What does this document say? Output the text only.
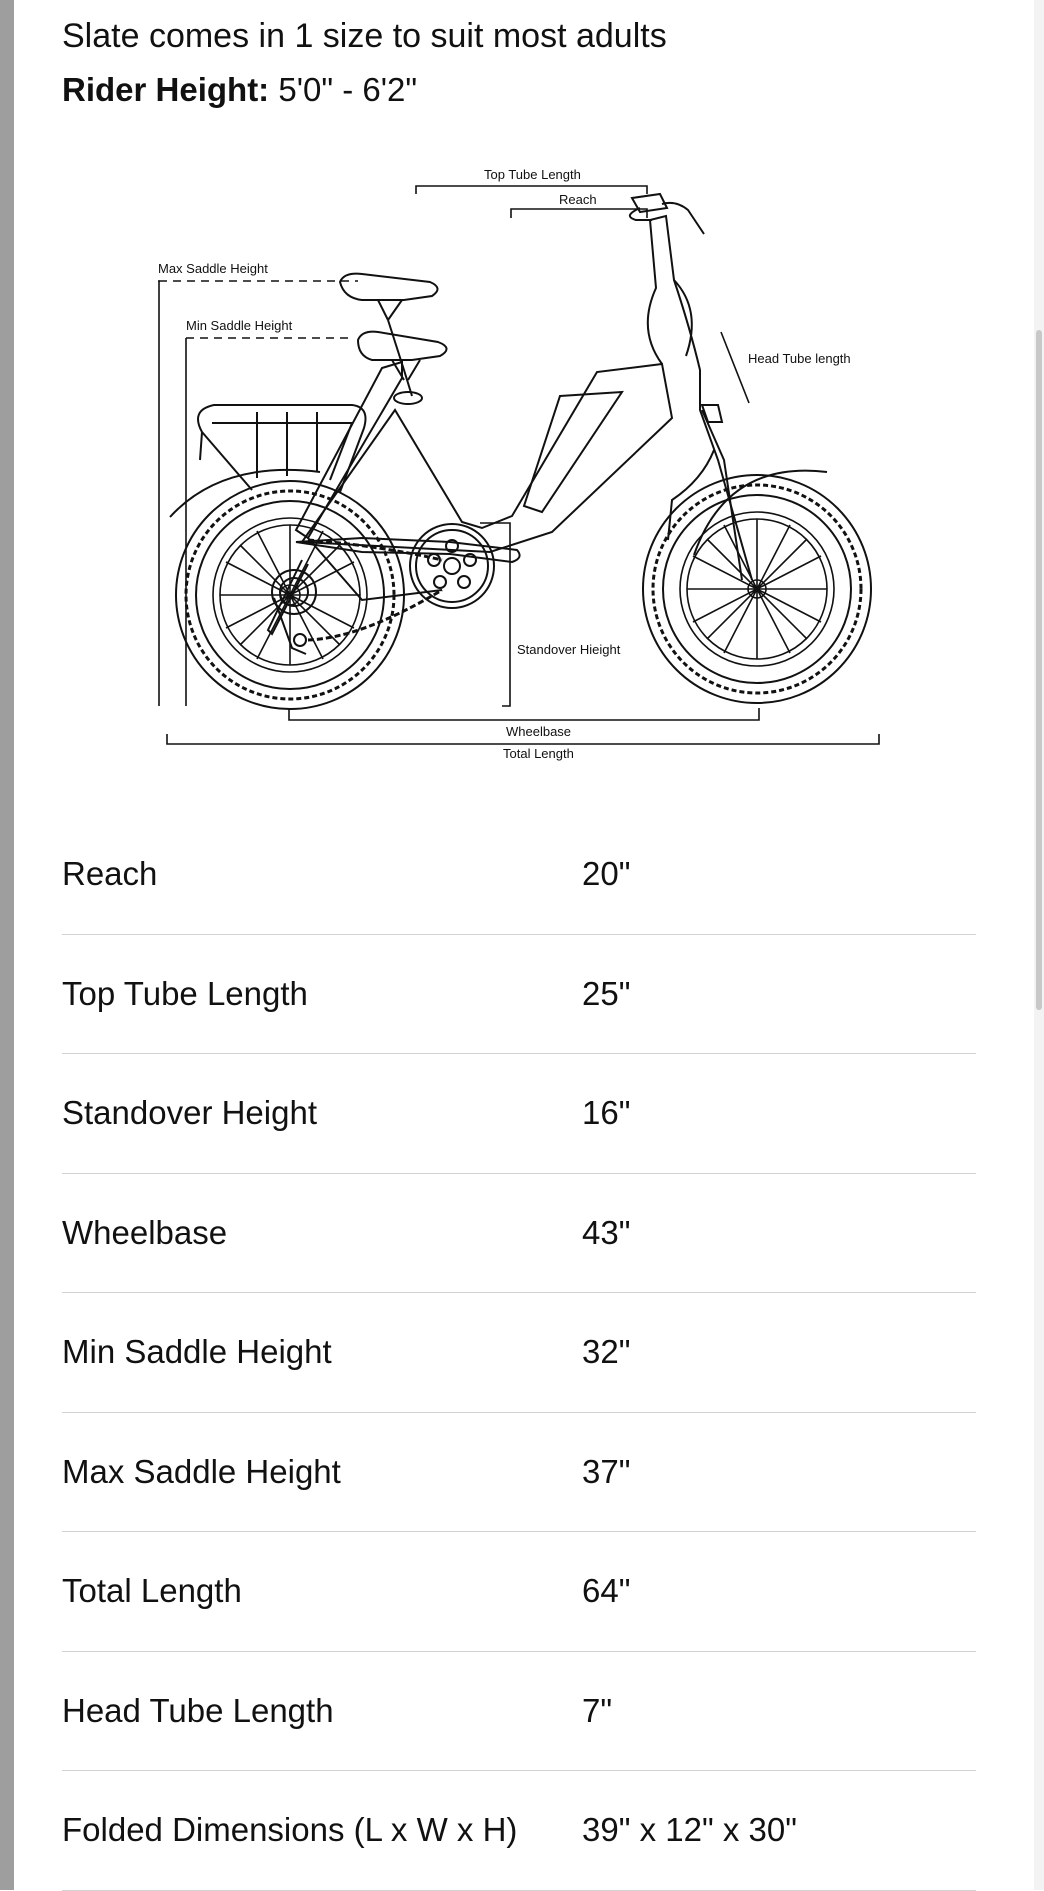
Slate comes in 1 size to suit most adults
Rider Height: 5'0" - 6'2"
Top Tube Length
Reach
Max Saddle Height
Min Saddle Height
Head Tube length
Standover Hieight
Wheelbase
Total Length
Reach	20"
Top Tube Length	25"
Standover Height	16"
Wheelbase	43"
Min Saddle Height	32"
Max Saddle Height	37"
Total Length	64"
Head Tube Length	7"
Folded Dimensions (L x W x H) 39" x 12" x 30"
